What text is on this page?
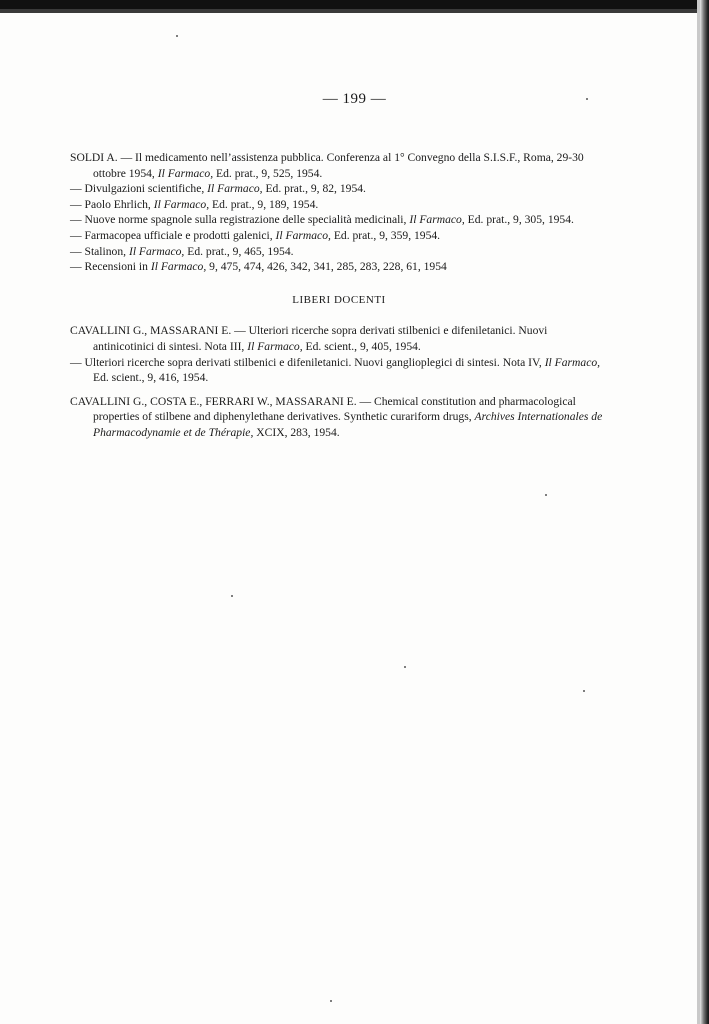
— 199 —
SOLDI A. — Il medicamento nell’assistenza pubblica. Conferenza al 1° Convegno della S.I.S.F., Roma, 29-30 ottobre 1954, Il Farmaco, Ed. prat., 9, 525, 1954.
— Divulgazioni scientifiche, Il Farmaco, Ed. prat., 9, 82, 1954.
— Paolo Ehrlich, Il Farmaco, Ed. prat., 9, 189, 1954.
— Nuove norme spagnole sulla registrazione delle specialità medicinali, Il Farmaco, Ed. prat., 9, 305, 1954.
— Farmacopea ufficiale e prodotti galenici, Il Farmaco, Ed. prat., 9, 359, 1954.
— Stalinon, Il Farmaco, Ed. prat., 9, 465, 1954.
— Recensioni in Il Farmaco, 9, 475, 474, 426, 342, 341, 285, 283, 228, 61, 1954
LIBERI DOCENTI
CAVALLINI G., MASSARANI E. — Ulteriori ricerche sopra derivati stilbenici e difeniletanici. Nuovi antinicotinici di sintesi. Nota III, Il Farmaco, Ed. scient., 9, 405, 1954.
— Ulteriori ricerche sopra derivati stilbenici e difeniletanici. Nuovi ganglioplegici di sintesi. Nota IV, Il Farmaco, Ed. scient., 9, 416, 1954.
CAVALLINI G., COSTA E., FERRARI W., MASSARANI E. — Chemical constitution and pharmacological properties of stilbene and diphenylethane derivatives. Synthetic curariform drugs, Archives Internationales de Pharmacodynamie et de Thérapie, XCIX, 283, 1954.
